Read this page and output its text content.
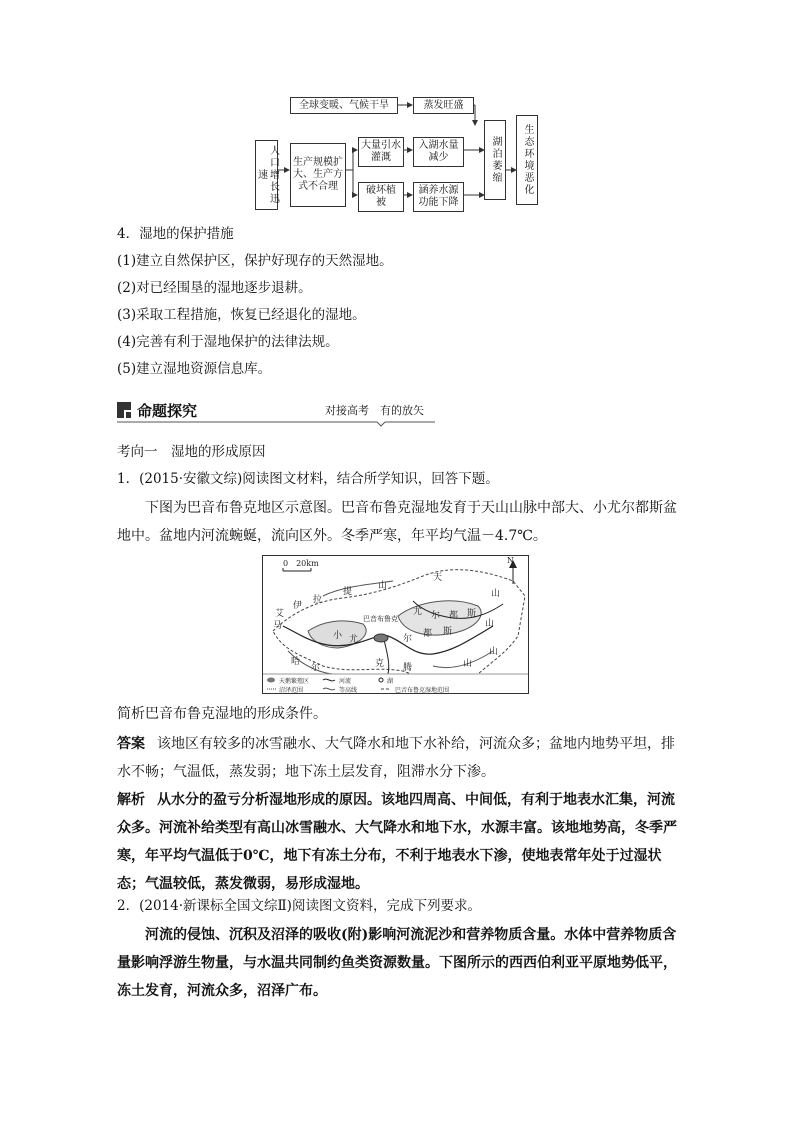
人口增长迅速
生产规模扩大、生产方式不合理
全球变暖、气候干旱	蒸发旺盛
大量引水灌溉
入湖水量减少
破坏植被
涵养水源功能下降
湖泊萎缩	生态环境恶化
4．湿地的保护措施
(1)建立自然保护区，保护好现存的天然湿地。
(2)对已经围垦的湿地逐步退耕。
(3)采取工程措施，恢复已经退化的湿地。
(4)完善有利于湿地保护的法律法规。
(5)建立湿地资源信息库。
命题探究	对接高考　有的放矢
考向一　湿地的形成原因
1．(2015·安徽文综)阅读图文材料，结合所学知识，回答下题。
下图为巴音布鲁克地区示意图。巴音布鲁克湿地发育于天山山脉中部大、小尤尔都斯盆地中。盆地内河流蜿蜒，流向区外。冬季严寒，年平均气温－4.7℃。
0　20km	N
艾
伊
拉
提
山
天
山
尤 尔 都 斯
山
小 尤	尔 都 斯
山
马
哈
尔	克 腾	山
巴音布鲁克
天鹅繁殖区	河流	湖
沼泽范围	等高线	巴音布鲁克湿地范围
简析巴音布鲁克湿地的形成条件。
答案 该地区有较多的冰雪融水、大气降水和地下水补给，河流众多；盆地内地势平坦，排水不畅；气温低，蒸发弱；地下冻土层发育，阻滞水分下渗。
解析 从水分的盈亏分析湿地形成的原因。该地四周高、中间低，有利于地表水汇集，河流众多。河流补给类型有高山冰雪融水、大气降水和地下水，水源丰富。该地地势高，冬季严寒，年平均气温低于0℃，地下有冻土分布，不利于地表水下渗，使地表常年处于过湿状态；气温较低，蒸发微弱，易形成湿地。
2．(2014·新课标全国文综Ⅱ)阅读图文资料，完成下列要求。
河流的侵蚀、沉积及沼泽的吸收(附)影响河流泥沙和营养物质含量。水体中营养物质含量影响浮游生物量，与水温共同制约鱼类资源数量。下图所示的西西伯利亚平原地势低平，冻土发育，河流众多，沼泽广布。
